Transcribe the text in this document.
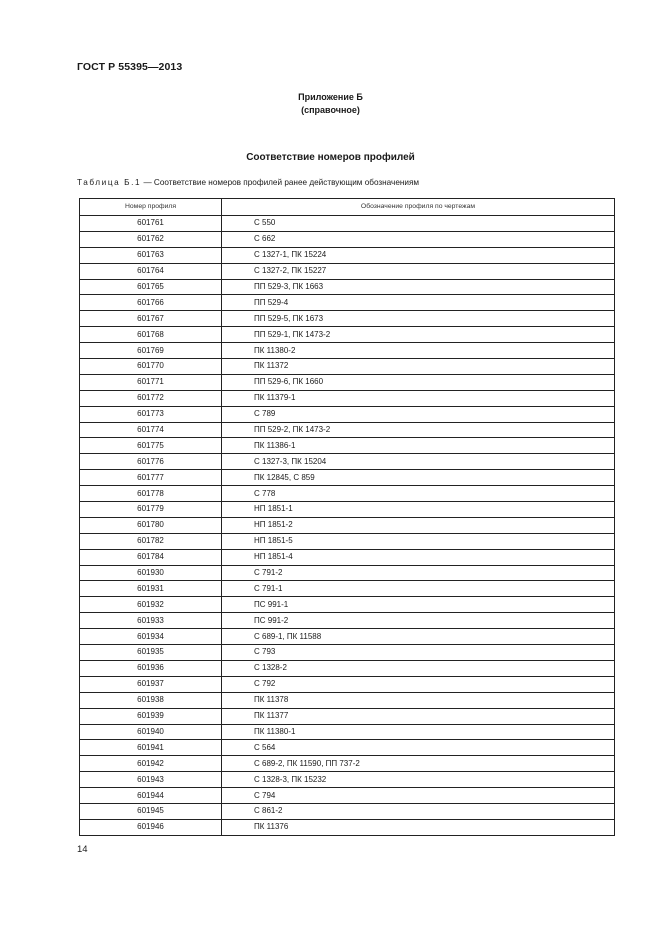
ГОСТ Р 55395—2013
Приложение Б
(справочное)
Соответствие номеров профилей
Таблица Б.1 — Соответствие номеров профилей ранее действующим обозначениям
Номер профиля	Обозначение профиля по чертежам
601761	С 550
601762	С 662
601763	С 1327-1, ПК 15224
601764	С 1327-2, ПК 15227
601765	ПП 529-3, ПК 1663
601766	ПП 529-4
601767	ПП 529-5, ПК 1673
601768	ПП 529-1, ПК 1473-2
601769	ПК 11380-2
601770	ПК 11372
601771	ПП 529-6, ПК 1660
601772	ПК 11379-1
601773	С 789
601774	ПП 529-2, ПК 1473-2
601775	ПК 11386-1
601776	С 1327-3, ПК 15204
601777	ПК 12845, С 859
601778	С 778
601779	НП 1851-1
601780	НП 1851-2
601782	НП 1851-5
601784	НП 1851-4
601930	С 791-2
601931	С 791-1
601932	ПС 991-1
601933	ПС 991-2
601934	С 689-1, ПК 11588
601935	С 793
601936	С 1328-2
601937	С 792
601938	ПК 11378
601939	ПК 11377
601940	ПК 11380-1
601941	С 564
601942	С 689-2, ПК 11590, ПП 737-2
601943	С 1328-3, ПК 15232
601944	С 794
601945	С 861-2
601946	ПК 11376
14
